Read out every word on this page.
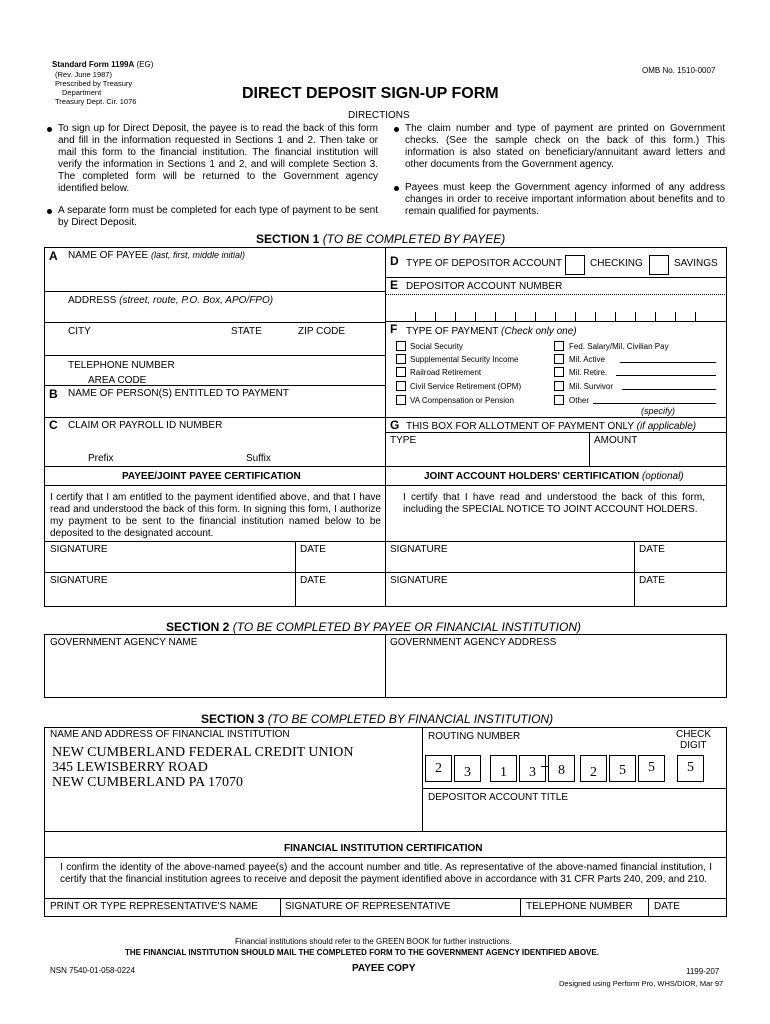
Standard Form 1199A (EG)
(Rev. June 1987)
Prescribed by Treasury
Department
Treasury Dept. Cir. 1076
OMB No. 1510-0007
DIRECT DEPOSIT SIGN-UP FORM
DIRECTIONS
To sign up for Direct Deposit, the payee is to read the back of this form and fill in the information requested in Sections 1 and 2. Then take or mail this form to the financial institution. The financial institution will verify the information in Sections 1 and 2, and will complete Section 3. The completed form will be returned to the Government agency identified below.
A separate form must be completed for each type of payment to be sent by Direct Deposit.
The claim number and type of payment are printed on Government checks. (See the sample check on the back of this form.) This information is also stated on beneficiary/annuitant award letters and other documents from the Government agency.
Payees must keep the Government agency informed of any address changes in order to receive important information about benefits and to remain qualified for payments.
SECTION 1 (TO BE COMPLETED BY PAYEE)
A NAME OF PAYEE (last, first, middle initial)
ADDRESS (street, route, P.O. Box, APO/FPO)
CITY	STATE	ZIP CODE
TELEPHONE NUMBER
AREA CODE
B NAME OF PERSON(S) ENTITLED TO PAYMENT
C CLAIM OR PAYROLL ID NUMBER
Prefix	Suffix
D TYPE OF DEPOSITOR ACCOUNT	CHECKING	SAVINGS
E DEPOSITOR ACCOUNT NUMBER
F TYPE OF PAYMENT (Check only one)
Social Security
Supplemental Security Income
Railroad Retirement
Civil Service Retirement (OPM)
VA Compensation or Pension
Fed. Salary/Mil. Civilian Pay
Mil. Active
Mil. Retire.
Mil. Survivor
Other
(specify)
G THIS BOX FOR ALLOTMENT OF PAYMENT ONLY (if applicable)
TYPE	AMOUNT
PAYEE/JOINT PAYEE CERTIFICATION	JOINT ACCOUNT HOLDERS' CERTIFICATION (optional)
I certify that I am entitled to the payment identified above, and that I have read and understood the back of this form. In signing this form, I authorize my payment to be sent to the financial institution named below to be deposited to the designated account.
I certify that I have read and understood the back of this form, including the SPECIAL NOTICE TO JOINT ACCOUNT HOLDERS.
SIGNATURE	DATE	SIGNATURE	DATE
SIGNATURE	DATE	SIGNATURE	DATE
SECTION 2 (TO BE COMPLETED BY PAYEE OR FINANCIAL INSTITUTION)
GOVERNMENT AGENCY NAME	GOVERNMENT AGENCY ADDRESS
SECTION 3 (TO BE COMPLETED BY FINANCIAL INSTITUTION)
NAME AND ADDRESS OF FINANCIAL INSTITUTION
NEW CUMBERLAND FEDERAL CREDIT UNION
345 LEWISBERRY ROAD
NEW CUMBERLAND PA 17070
ROUTING NUMBER	CHECK
DIGIT
2	3	1	3	8	2	5	5	5
DEPOSITOR ACCOUNT TITLE
FINANCIAL INSTITUTION CERTIFICATION
I confirm the identity of the above-named payee(s) and the account number and title. As representative of the above-named financial institution, I certify that the financial institution agrees to receive and deposit the payment identified above in accordance with 31 CFR Parts 240, 209, and 210.
PRINT OR TYPE REPRESENTATIVE'S NAME	SIGNATURE OF REPRESENTATIVE	TELEPHONE NUMBER DATE
Financial institutions should refer to the GREEN BOOK for further instructions.
THE FINANCIAL INSTITUTION SHOULD MAIL THE COMPLETED FORM TO THE GOVERNMENT AGENCY IDENTIFIED ABOVE.
NSN 7540-01-058-0224	PAYEE COPY	1199-207
Designed using Perform Pro, WHS/DIOR, Mar 97
